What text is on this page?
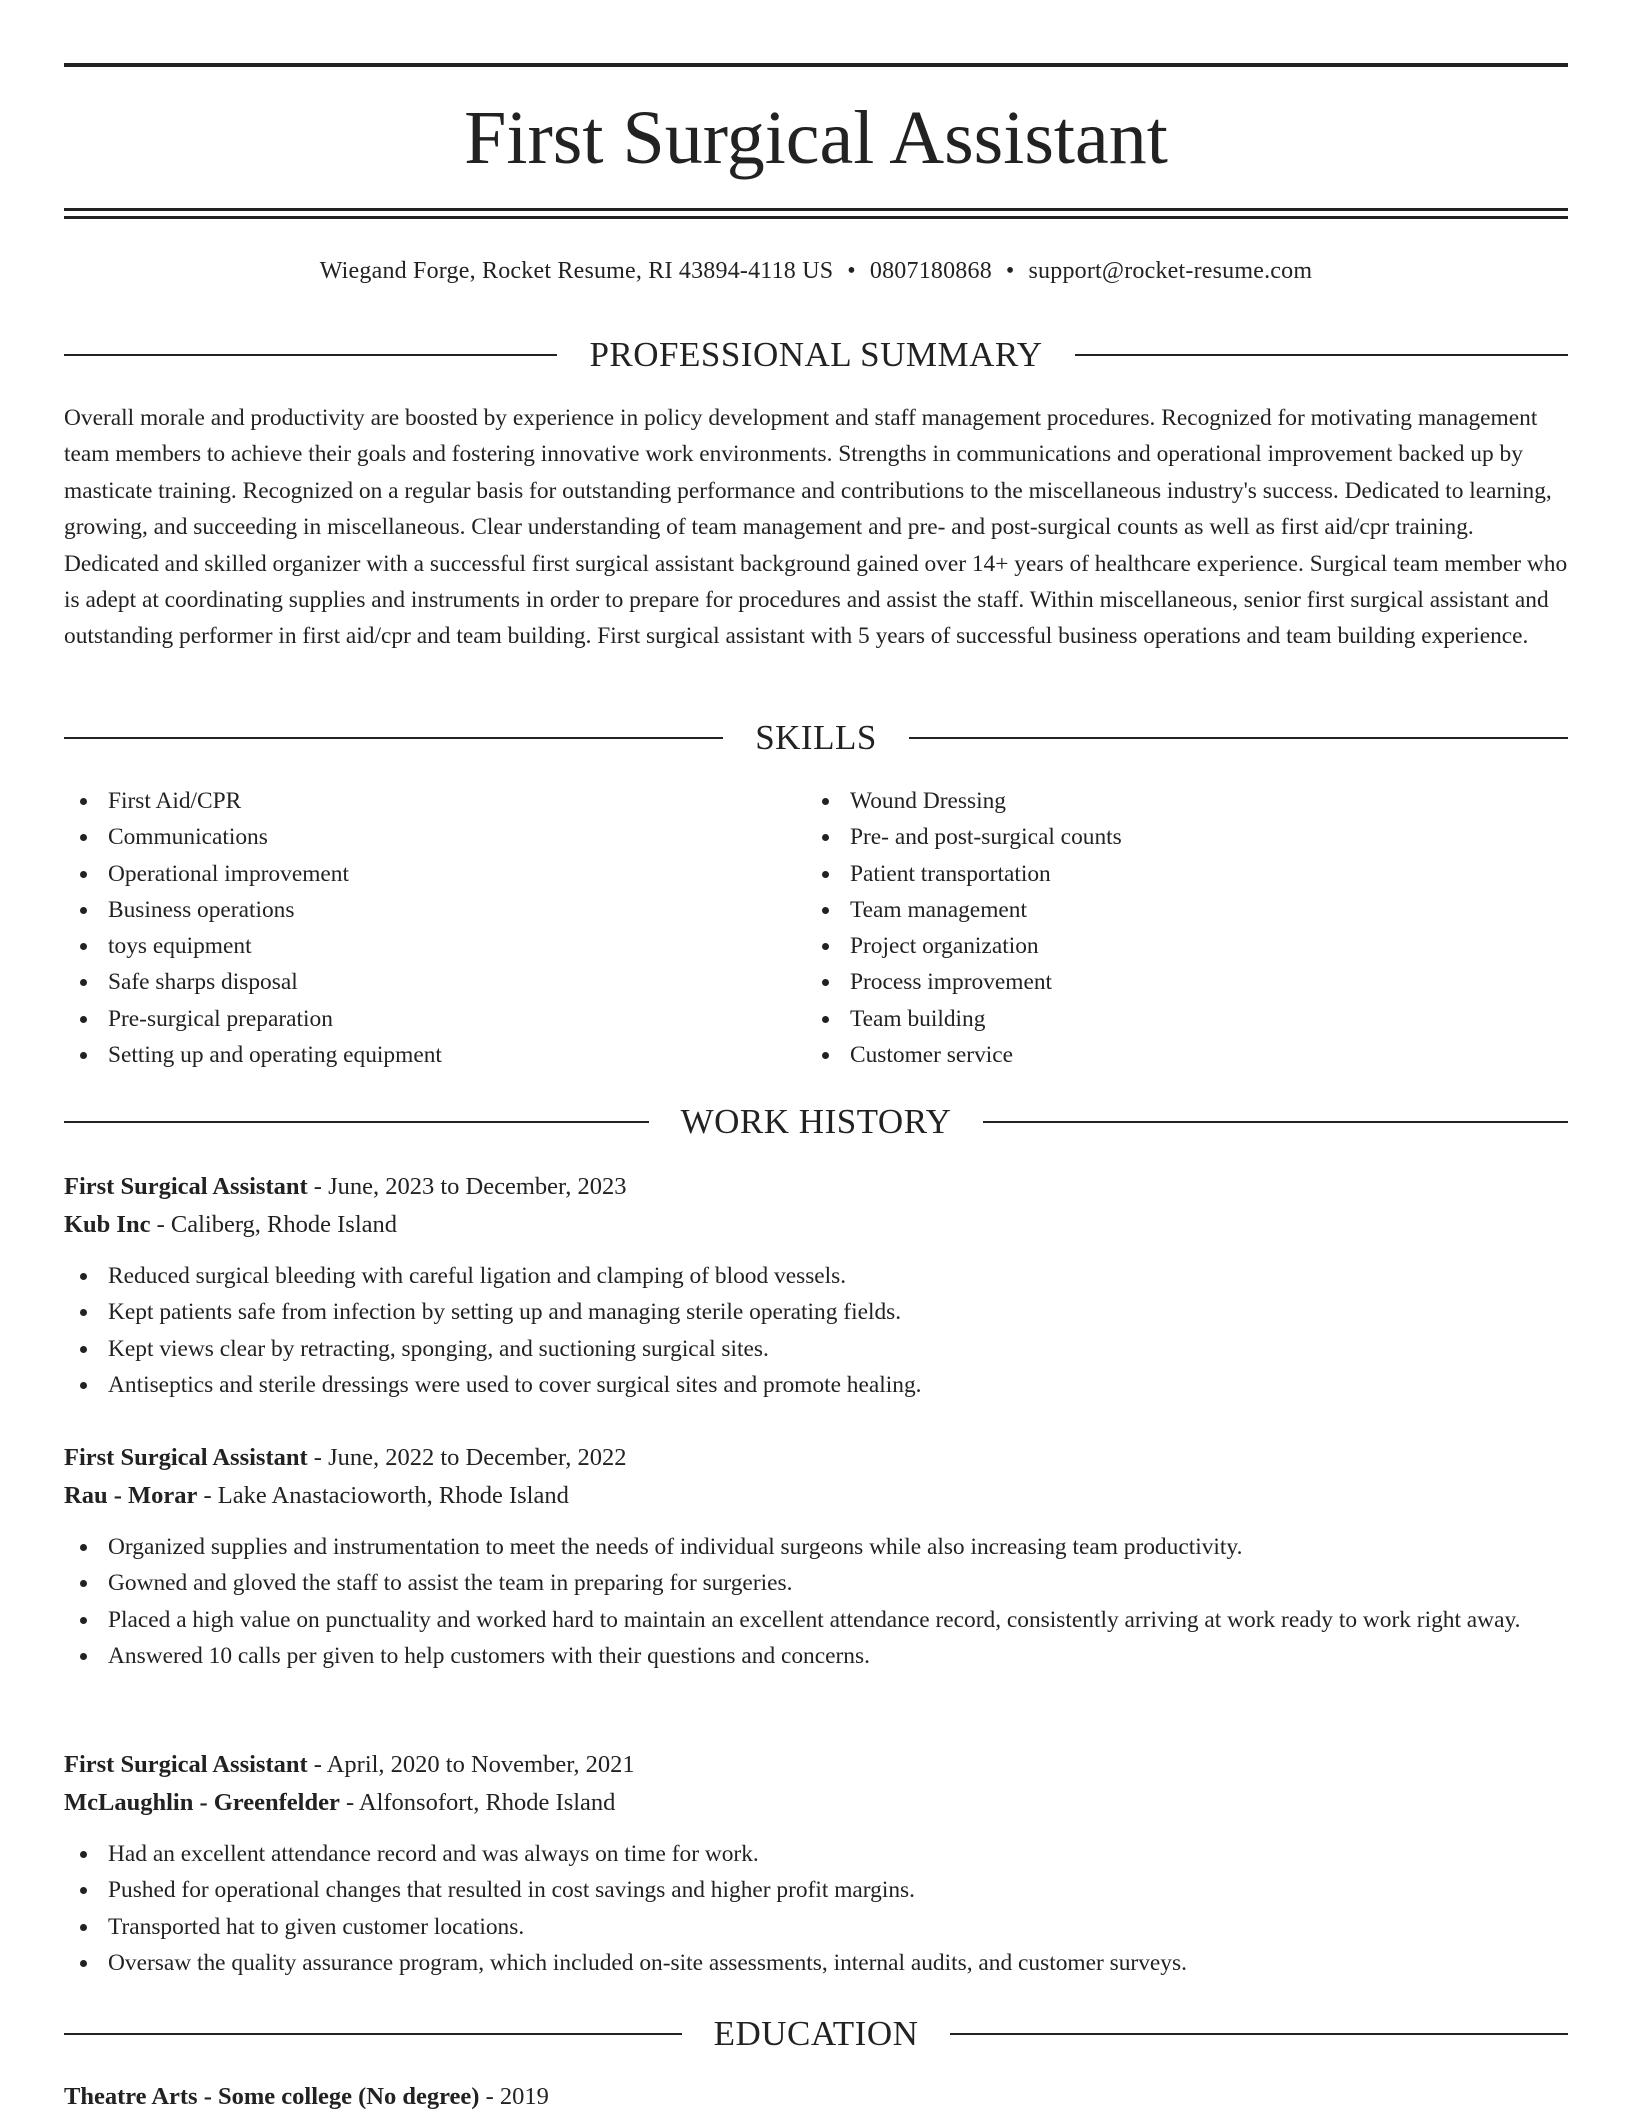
First Surgical Assistant
Wiegand Forge, Rocket Resume, RI 43894-4118 US • 0807180868 • support@rocket-resume.com
PROFESSIONAL SUMMARY

Overall morale and productivity are boosted by experience in policy development and staff management procedures. Recognized for motivating management team members to achieve their goals and fostering innovative work environments. Strengths in communications and operational improvement backed up by masticate training. Recognized on a regular basis for outstanding performance and contributions to the miscellaneous industry's success. Dedicated to learning, growing, and succeeding in miscellaneous. Clear understanding of team management and pre- and post-surgical counts as well as first aid/cpr training. Dedicated and skilled organizer with a successful first surgical assistant background gained over 14+ years of healthcare experience. Surgical team member who is adept at coordinating supplies and instruments in order to prepare for procedures and assist the staff. Within miscellaneous, senior first surgical assistant and outstanding performer in first aid/cpr and team building. First surgical assistant with 5 years of successful business operations and team building experience.

SKILLS
First Aid/CPR
Communications
Operational improvement
Business operations
toys equipment
Safe sharps disposal
Pre-surgical preparation
Setting up and operating equipment
Wound Dressing
Pre- and post-surgical counts
Patient transportation
Team management
Project organization
Process improvement
Team building
Customer service
WORK HISTORY
First Surgical Assistant - June, 2023 to December, 2023
Kub Inc - Caliberg, Rhode Island
Reduced surgical bleeding with careful ligation and clamping of blood vessels.
Kept patients safe from infection by setting up and managing sterile operating fields.
Kept views clear by retracting, sponging, and suctioning surgical sites.
Antiseptics and sterile dressings were used to cover surgical sites and promote healing.
First Surgical Assistant - June, 2022 to December, 2022
Rau - Morar - Lake Anastacioworth, Rhode Island
Organized supplies and instrumentation to meet the needs of individual surgeons while also increasing team productivity.
Gowned and gloved the staff to assist the team in preparing for surgeries.
Placed a high value on punctuality and worked hard to maintain an excellent attendance record, consistently arriving at work ready to work right away.
Answered 10 calls per given to help customers with their questions and concerns.
First Surgical Assistant - April, 2020 to November, 2021
McLaughlin - Greenfelder - Alfonsofort, Rhode Island
Had an excellent attendance record and was always on time for work.
Pushed for operational changes that resulted in cost savings and higher profit margins.
Transported hat to given customer locations.
Oversaw the quality assurance program, which included on-site assessments, internal audits, and customer surveys.
EDUCATION
Theatre Arts - Some college (No degree) - 2019
